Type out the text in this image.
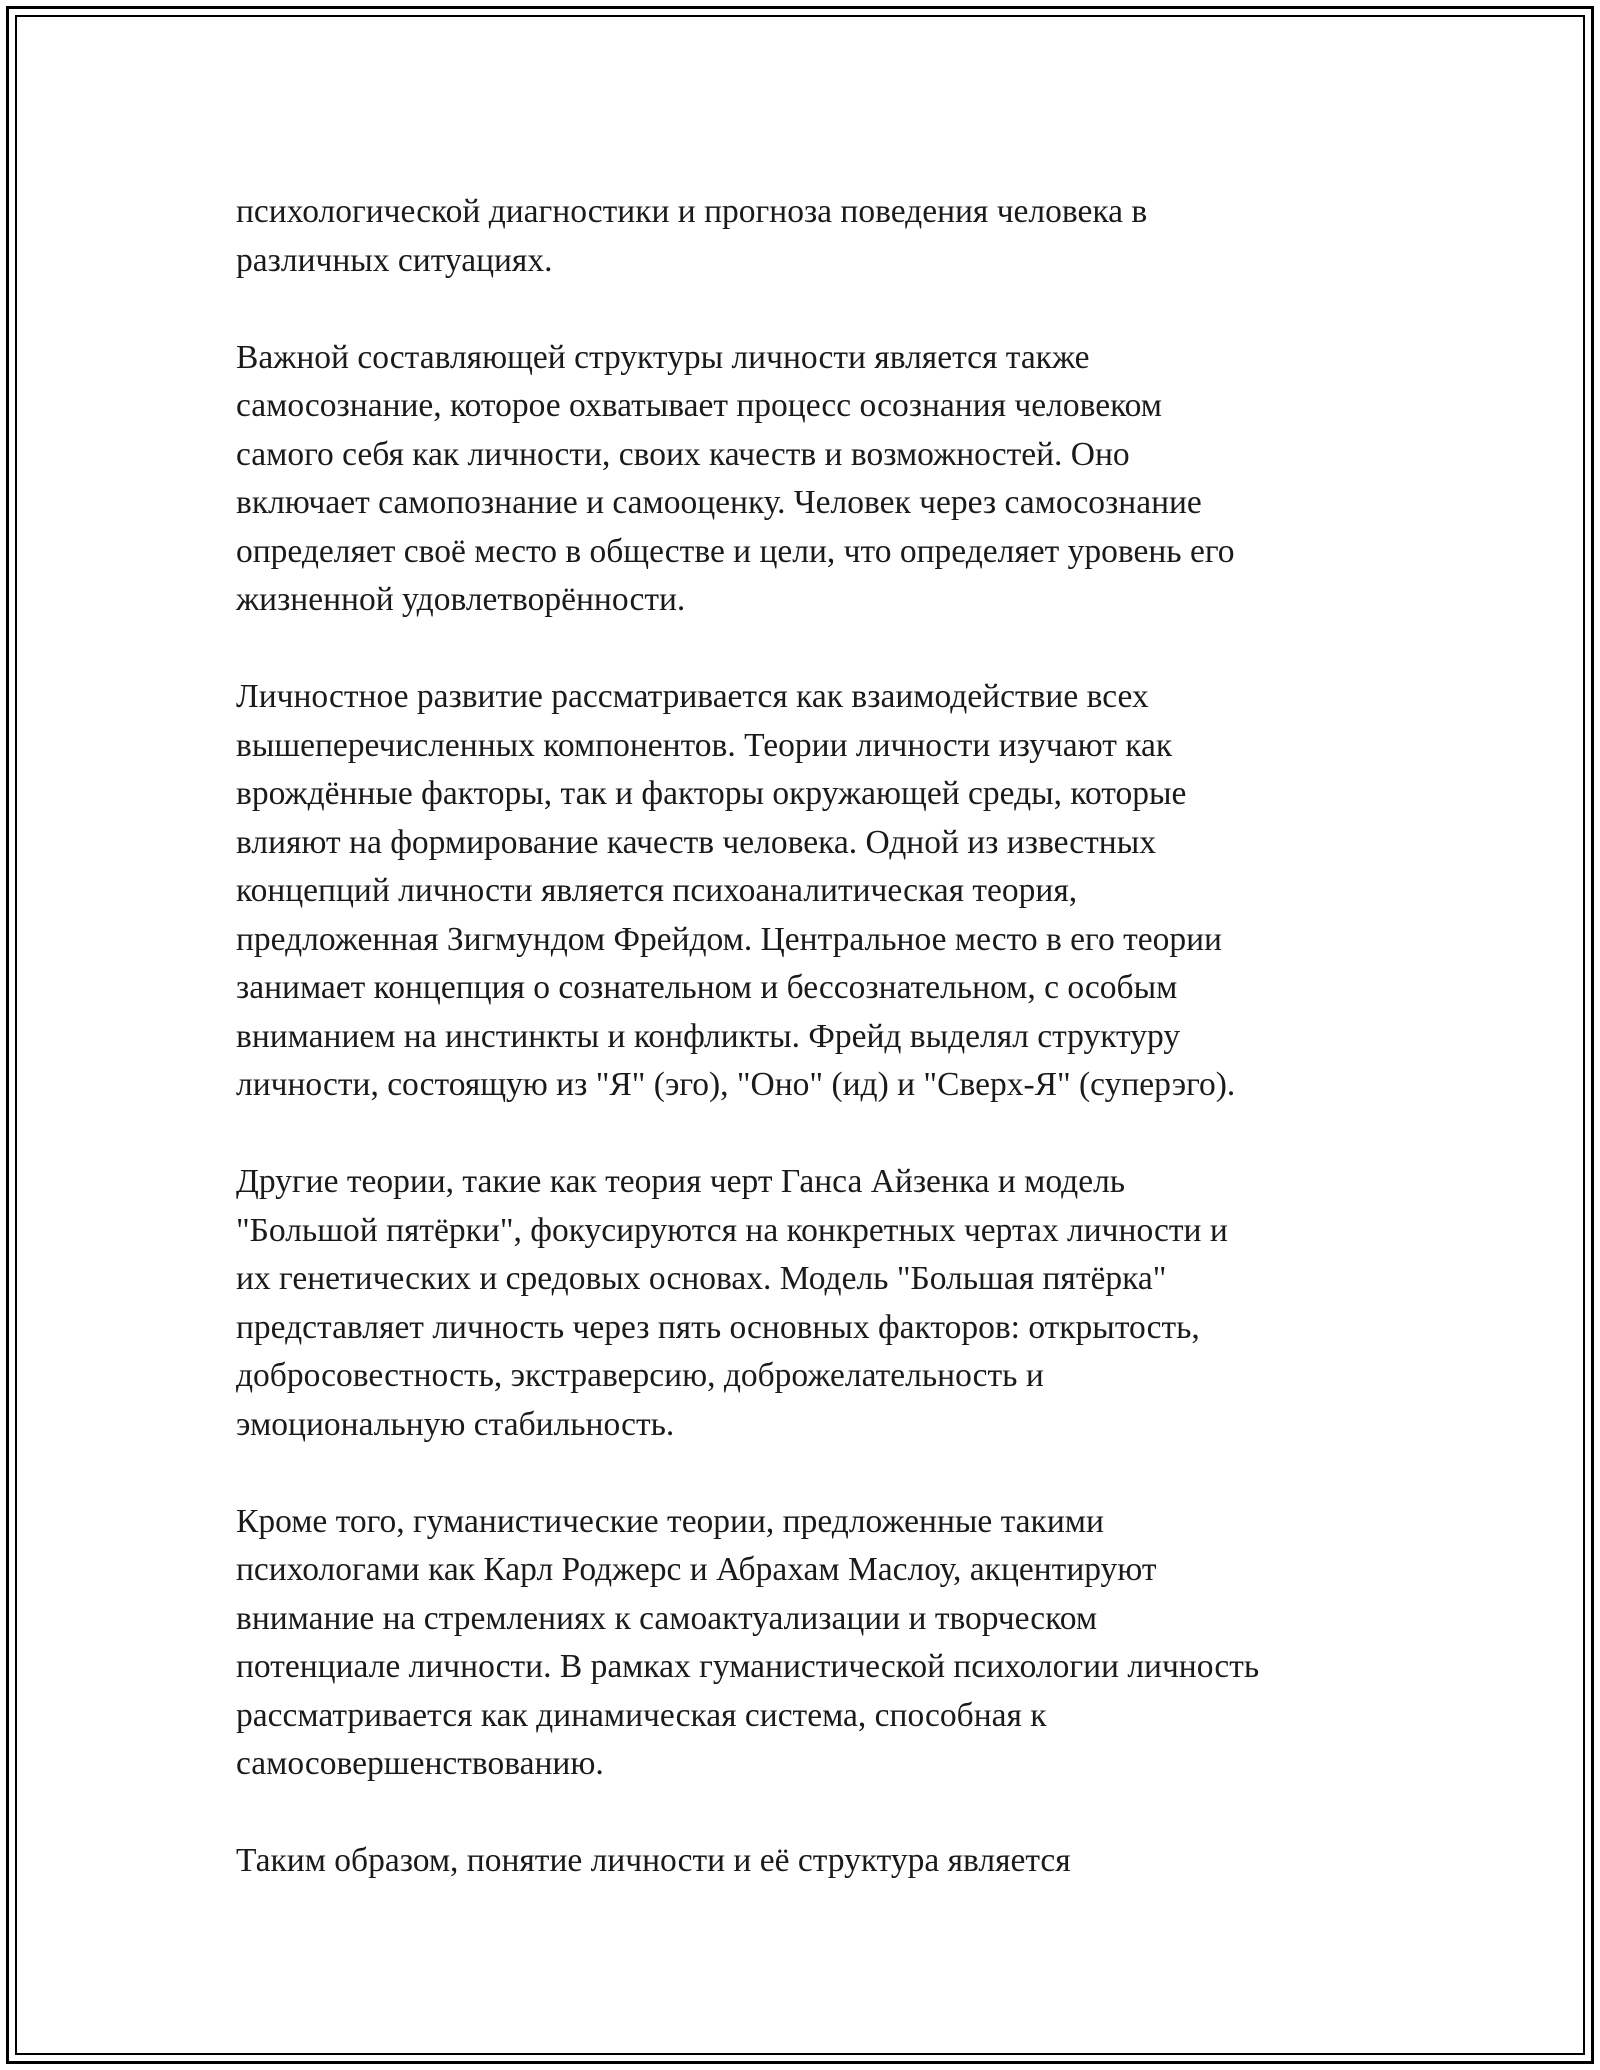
психологической диагностики и прогноза поведения человека в
различных ситуациях.

Важной составляющей структуры личности является также
самосознание, которое охватывает процесс осознания человеком
самого себя как личности, своих качеств и возможностей. Оно
включает самопознание и самооценку. Человек через самосознание
определяет своё место в обществе и цели, что определяет уровень его
жизненной удовлетворённости.

Личностное развитие рассматривается как взаимодействие всех
вышеперечисленных компонентов. Теории личности изучают как
врождённые факторы, так и факторы окружающей среды, которые
влияют на формирование качеств человека. Одной из известных
концепций личности является психоаналитическая теория,
предложенная Зигмундом Фрейдом. Центральное место в его теории
занимает концепция о сознательном и бессознательном, с особым
вниманием на инстинкты и конфликты. Фрейд выделял структуру
личности, состоящую из "Я" (эго), "Оно" (ид) и "Сверх-Я" (суперэго).

Другие теории, такие как теория черт Ганса Айзенка и модель
"Большой пятёрки", фокусируются на конкретных чертах личности и
их генетических и средовых основах. Модель "Большая пятёрка"
представляет личность через пять основных факторов: открытость,
добросовестность, экстраверсию, доброжелательность и
эмоциональную стабильность.

Кроме того, гуманистические теории, предложенные такими
психологами как Карл Роджерс и Абрахам Маслоу, акцентируют
внимание на стремлениях к самоактуализации и творческом
потенциале личности. В рамках гуманистической психологии личность
рассматривается как динамическая система, способная к
самосовершенствованию.

Таким образом, понятие личности и её структура является
